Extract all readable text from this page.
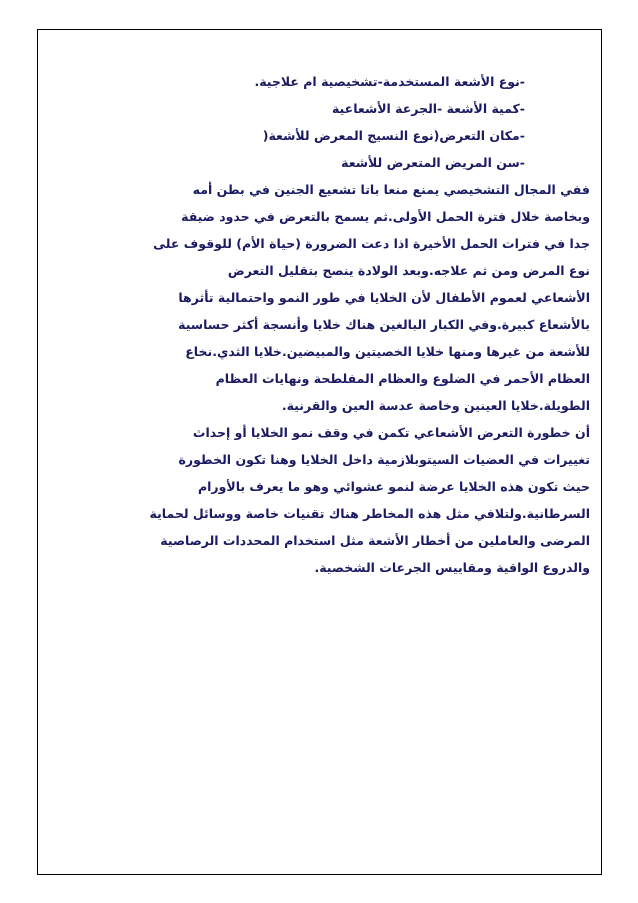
-نوع الأشعة المستخدمة-تشخيصية ام علاجية.
-كمية الأشعة -الجرعة الأشعاعية
-مكان التعرض(نوع النسيج المعرض للأشعة(
-سن المريض المتعرض للأشعة
ففي المجال التشخيصي يمنع منعا باتا تشعيع الجنين في بطن أمه
وبخاصة خلال فترة الحمل الأولى.ثم يسمح بالتعرض في حدود ضيقة
جدا في فترات الحمل الأخيرة اذا دعت الضرورة (حياة الأم) للوقوف على
نوع المرض ومن ثم علاجه.وبعد الولادة ينصح بتقليل التعرض
الأشعاعي لعموم الأطفال لأن الخلايا في طور النمو واحتمالية تأثرها
بالأشعاع كبيرة.وفي الكبار البالغين هناك خلايا وأنسجة أكثر حساسية
للأشعة من غيرها ومنها خلايا الخصيتين والمبيضين.خلايا الثدي.نخاع
العظام الأحمر في الضلوع والعظام المفلطحة ونهايات العظام
الطويلة.خلايا العينين وخاصة عدسة العين والقرنية.
أن خطورة التعرض الأشعاعي تكمن في وقف نمو الخلايا أو إحداث
تغييرات في العضيات السيتوبلازمية داخل الخلايا وهنا تكون الخطورة
حيث تكون هذه الخلايا عرضة لنمو عشوائي وهو ما يعرف بالأورام
السرطانية.ولتلافي مثل هذه المخاطر هناك تقنيات خاصة ووسائل لحماية
المرضى والعاملين من أخطار الأشعة مثل استخدام المحددات الرصاصية
والدروع الواقية ومقاييس الجرعات الشخصية.
